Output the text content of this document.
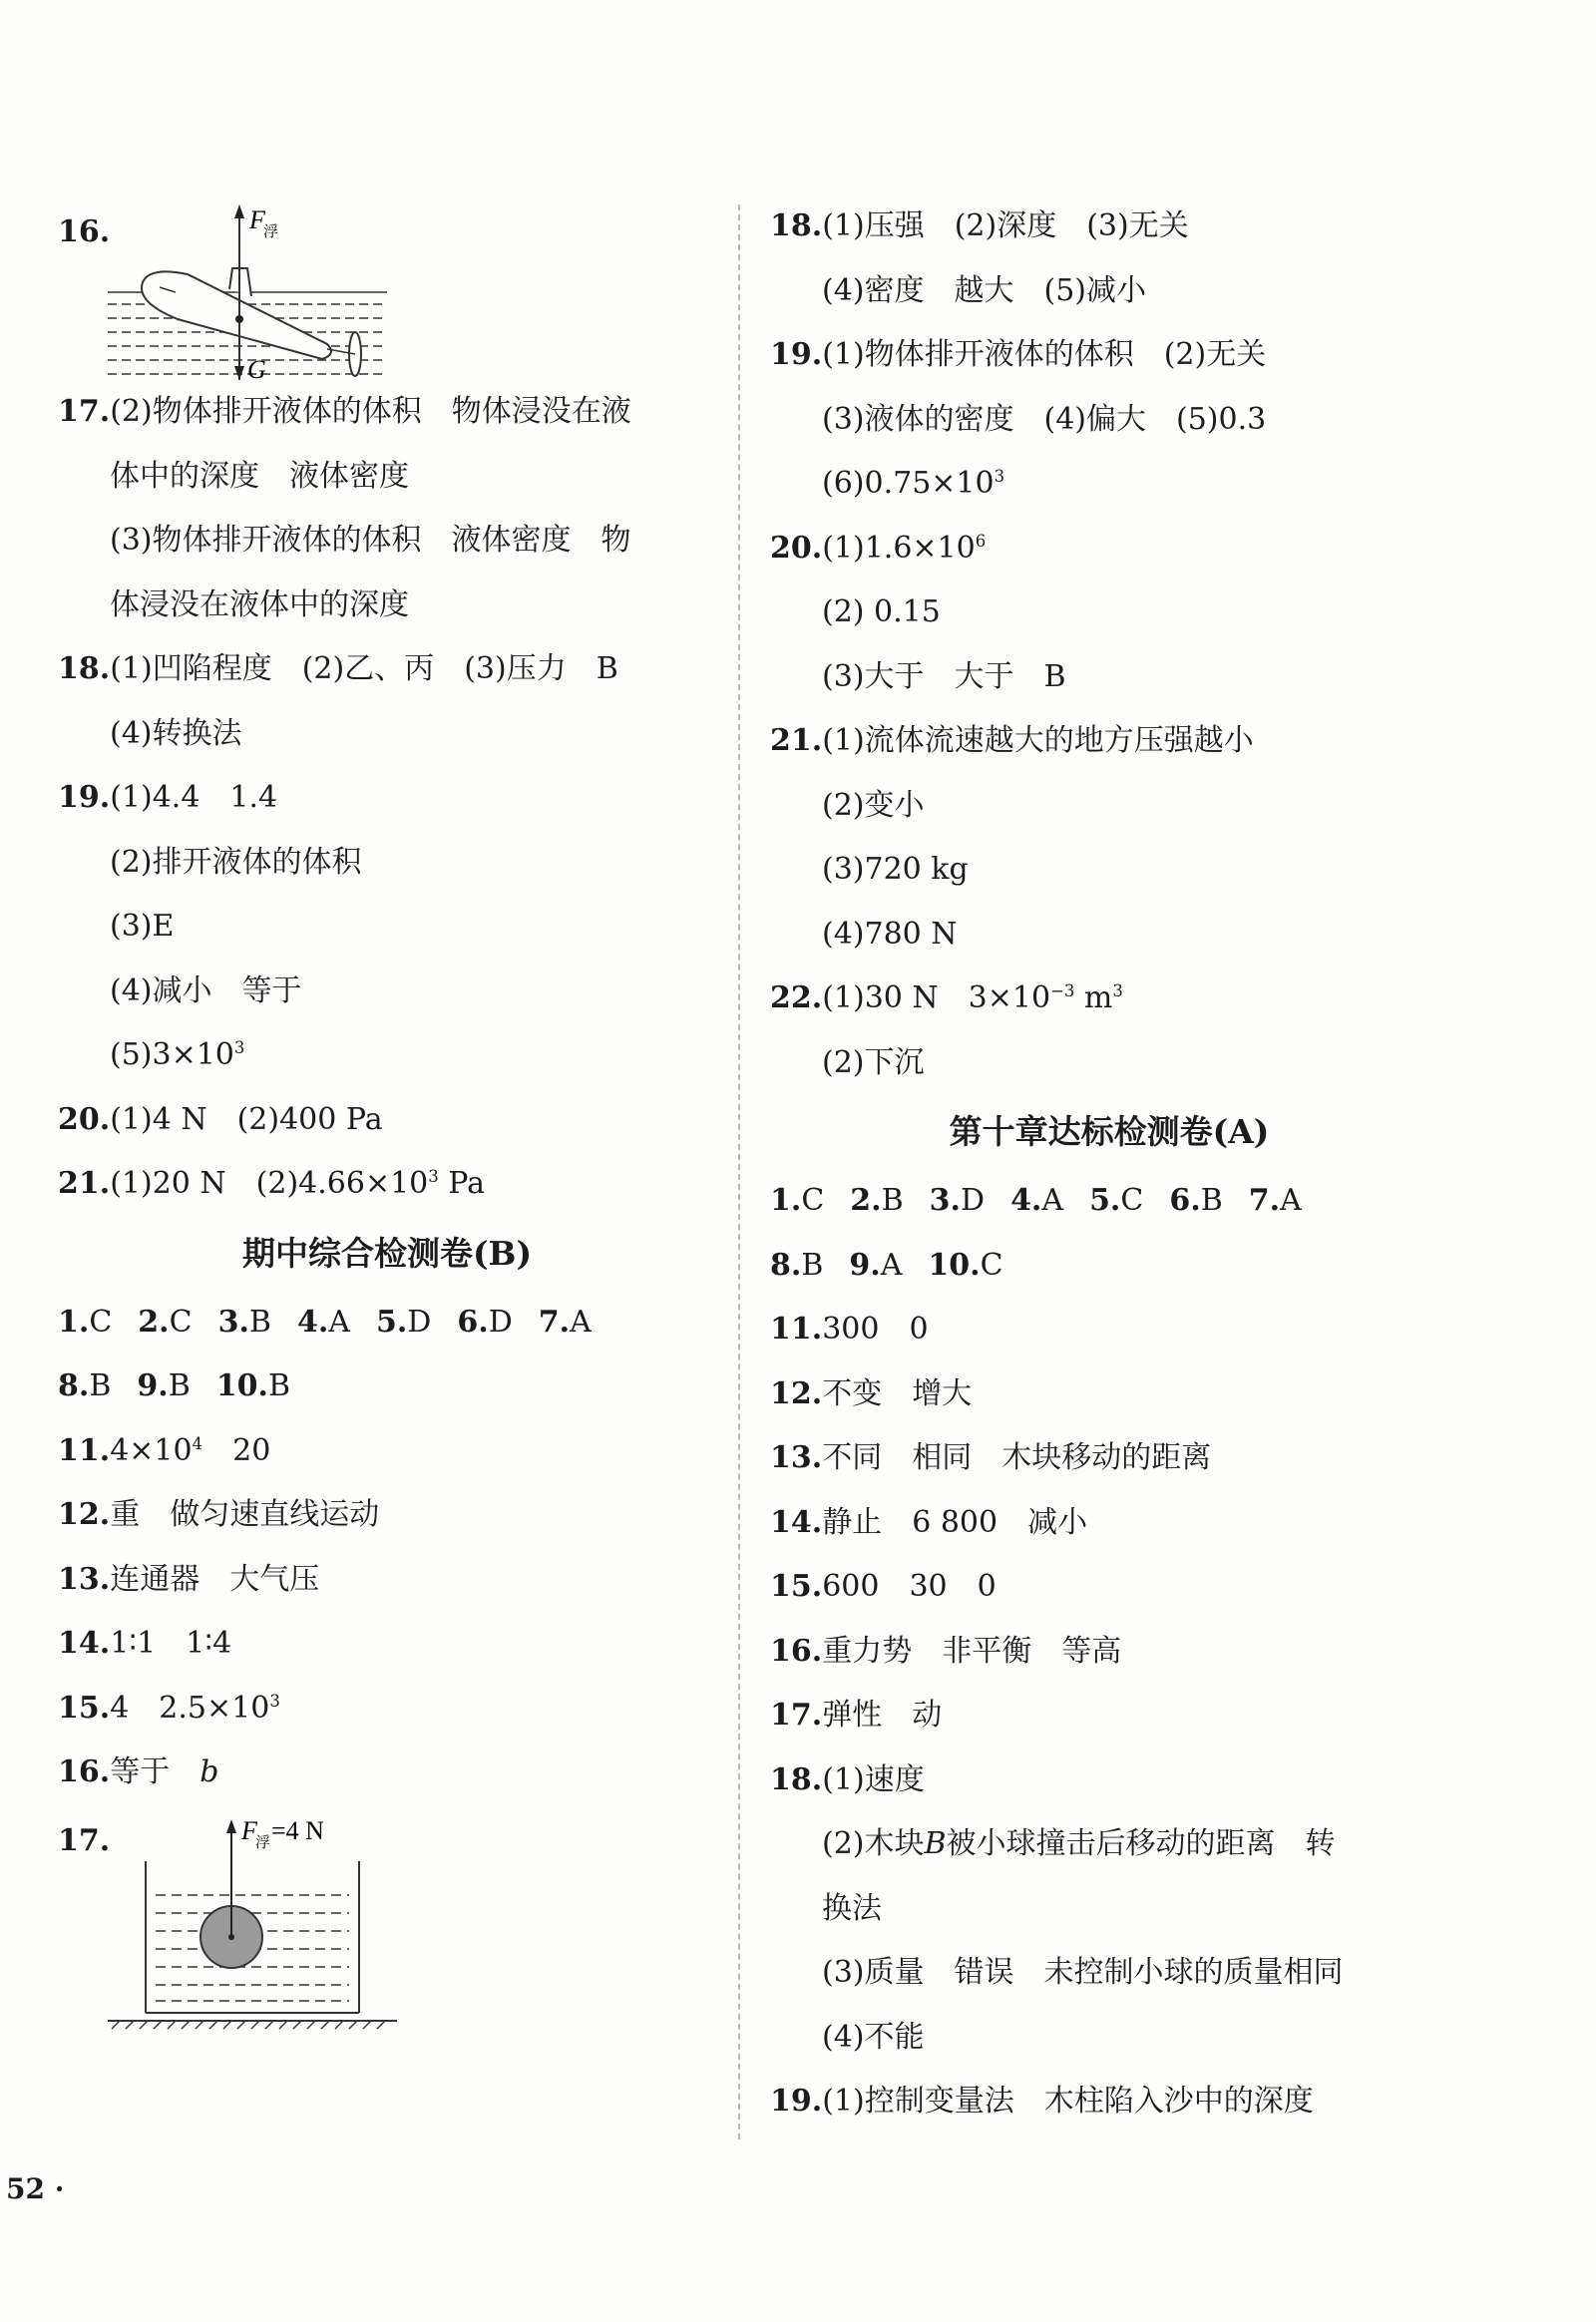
16.	F
浮
G
17.(2)物体排开液体的体积　物体浸没在液
体中的深度　液体密度
(3)物体排开液体的体积　液体密度　物
体浸没在液体中的深度
18.(1)凹陷程度　(2)乙、丙　(3)压力　B
(4)转换法
19.(1)4.4　1.4
(2)排开液体的体积
(3)E
(4)减小　等于
$(5)3\times 10^3$
20.(1)4 N　(2)400 Pa
21.(1)20 N　$(2)4.66\times 10^3$ Pa
期中综合检测卷(B)
1.C 2.C 3.B 4.A 5.D 6.D 7.A
8.B 9.B 10.B
$11.4\times 10^4$　20
12.重　做匀速直线运动
13.连通器　大气压
14.1∶1　1∶4
15.4　$2.5\times 10^3$
16.等于　b
17.	F
浮 =4 N
18.(1)压强　(2)深度　(3)无关
(4)密度　越大　(5)减小
19.(1)物体排开液体的体积　(2)无关
(3)液体的密度　(4)偏大　(5)0.3
$(6)0.75\times 10^3$
$20.(1)1.6\times 10^6$
(2) 0.15
(3)大于　大于　B
21.(1)流体流速越大的地方压强越小
(2)变小
(3)720 kg
(4)780 N
22.(1)30 N　$3\times 10^{-3}$ $m^3$
(2)下沉
第十章达标检测卷(A)
1.C 2.B 3.D 4.A 5.C 6.B 7.A
8.B 9.A 10.C
11.300　0
12.不变　增大
13.不同　相同　木块移动的距离
14.静止　6 800　减小
15.600　30　0
16.重力势　非平衡　等高
17.弹性　动
18.(1)速度
(2)木块B被小球撞击后移动的距离　转
换法
(3)质量　错误　未控制小球的质量相同
(4)不能
19.(1)控制变量法　木柱陷入沙中的深度
52 ·
